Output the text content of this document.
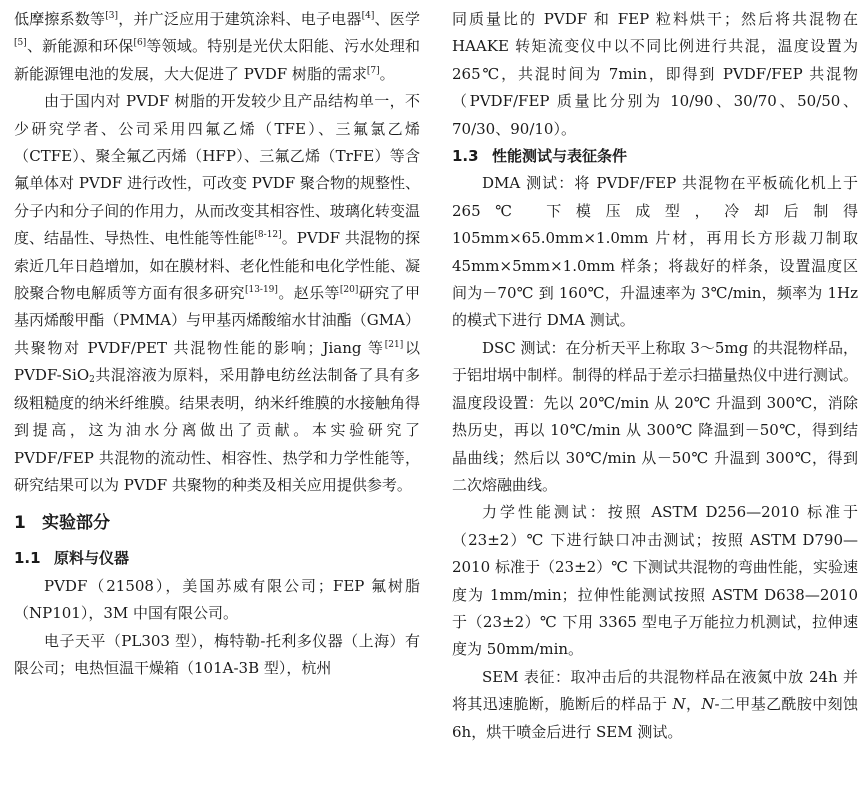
低摩擦系数等[3]，并广泛应用于建筑涂料、电子电器[4]、医学[5]、新能源和环保[6]等领域。特别是光伏太阳能、污水处理和新能源锂电池的发展，大大促进了 PVDF 树脂的需求[7]。

由于国内对 PVDF 树脂的开发较少且产品结构单一，不少研究学者、公司采用四氟乙烯（TFE）、三氟氯乙烯（CTFE）、聚全氟乙丙烯（HFP）、三氟乙烯（TrFE）等含氟单体对 PVDF 进行改性，可改变 PVDF 聚合物的规整性、分子内和分子间的作用力，从而改变其相容性、玻璃化转变温度、结晶性、导热性、电性能等性能[8-12]。PVDF 共混物的探索近几年日趋增加，如在膜材料、老化性能和电化学性能、凝胶聚合物电解质等方面有很多研究[13-19]。赵乐等[20]研究了甲基丙烯酸甲酯（PMMA）与甲基丙烯酸缩水甘油酯（GMA）共聚物对 PVDF/PET 共混物性能的影响；Jiang 等[21]以 PVDF-SiO$_2$共混溶液为原料，采用静电纺丝法制备了具有多级粗糙度的纳米纤维膜。结果表明，纳米纤维膜的水接触角得到提高，这为油水分离做出了贡献。本实验研究了 PVDF/FEP 共混物的流动性、相容性、热学和力学性能等，研究结果可以为 PVDF 共聚物的种类及相关应用提供参考。

1 实验部分
1.1 原料与仪器

PVDF（21508），美国苏威有限公司；FEP 氟树脂（NP101），3M 中国有限公司。

电子天平（PL303 型），梅特勒-托利多仪器（上海）有限公司；电热恒温干燥箱（101A-3B 型），杭州

同质量比的 PVDF 和 FEP 粒料烘干；然后将共混物在 HAAKE 转矩流变仪中以不同比例进行共混，温度设置为 265℃，共混时间为 7min，即得到 PVDF/FEP 共混物（PVDF/FEP 质量比分别为 10/90、30/70、50/50、70/30、90/10）。

1.3 性能测试与表征条件

DMA 测试：将 PVDF/FEP 共混物在平板硫化机上于 265℃ 下模压成型，冷却后制得 105mm×65.0mm×1.0mm 片材，再用长方形裁刀制取 45mm×5mm×1.0mm 样条；将裁好的样条，设置温度区间为－70℃ 到 160℃，升温速率为 3℃/min，频率为 1Hz 的模式下进行 DMA 测试。

DSC 测试：在分析天平上称取 3～5mg 的共混物样品，于铝坩埚中制样。制得的样品于差示扫描量热仪中进行测试。温度段设置：先以 20℃/min 从 20℃ 升温到 300℃，消除热历史，再以 10℃/min 从 300℃ 降温到－50℃，得到结晶曲线；然后以 30℃/min 从－50℃ 升温到 300℃，得到二次熔融曲线。

力学性能测试：按照 ASTM D256—2010 标准于（23±2）℃ 下进行缺口冲击测试；按照 ASTM D790—2010 标准于（23±2）℃ 下测试共混物的弯曲性能，实验速度为 1mm/min；拉伸性能测试按照 ASTM D638—2010 于（23±2）℃ 下用 3365 型电子万能拉力机测试，拉伸速度为 50mm/min。

SEM 表征：取冲击后的共混物样品在液氮中放 24h 并将其迅速脆断，脆断后的样品于 N，N-二甲基乙酰胺中刻蚀 6h，烘干喷金后进行 SEM 测试。
